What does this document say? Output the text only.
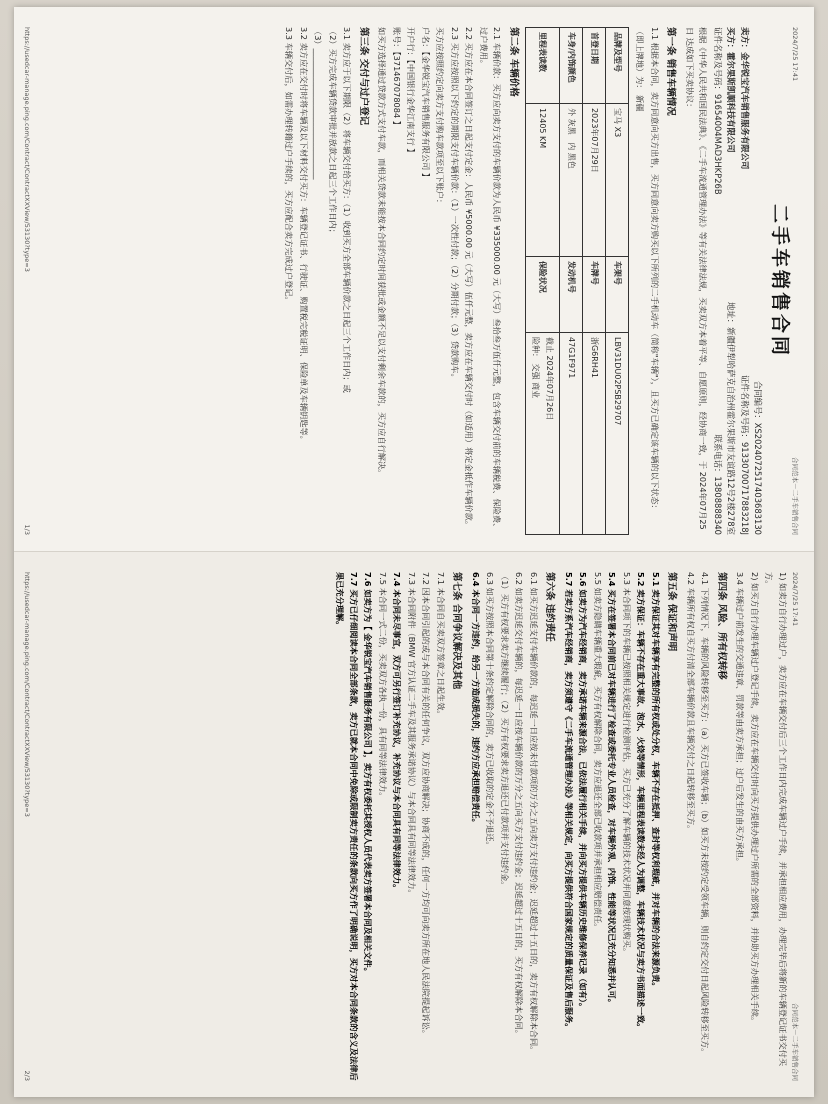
2024/7/25 17:41
合同范本－二手车销售合同
二手车销售合同
合同编号：XS2024072517403683130
卖方：金华锐宝汽车销售服务有限公司
证件名称及号码：91330700717883218J
买方：霍尔果斯凯顺科技有限公司
地址：新疆伊犁哈萨克自治州霍尔果斯市友谊路12号2楼278室
证件名称及号码：91654004MAD3HKP26B
联系电话：13808888340

根据《中华人民共和国民法典》、《二手车流通管理办法》等有关法律法规，买卖双方本着平等、自愿原则，经协商一致，于 2024年07月25日 达成如下买卖协议：

第一条 销售车辆情况

1.1 根据本合同，卖方同意向买方出售，买方同意向卖方购买以下所列的二手机动车（简称"车辆"），且买方已确定该车辆的以下状态：

（即上牌地）为： 新疆

品牌及型号	宝马 X3	车架号	LBV31DU02PSB29707
首登日期	2023年07月29日	车牌号	浙G6RH41
车身/内饰颜色	外 灰黑   内 黑色	发动机号	47G1F971
里程表读数	12405 KM	保险状况	截止 2024年07月26日
险种： 交强 商业
第二条 车辆价格

2.1 车辆价款：买方应向卖方支付的车辆价款为人民币 ¥335000.00 元（大写）叁拾叁万伍仟元整，包含车辆交付前的车辆税费、保险费、过户费用。

2.2 买方应在本合同签订之日起支付定金：人民币 ¥5000.00 元（大写）伍仟元整，卖方应在车辆交付时（如适用）将定金抵作车辆价款。

2.3 买方应按照以下约定的期限支付车辆价款：（1）一次性付款；（2）分期付款；（3）贷款购车。

买方应按照约定向卖方支付购车款项至以下账户：

户名：【金华锐宝汽车销售服务有限公司 】

开户行：【中国银行金华江南支行 】

账号：【371467078084 】

如买方选择通过贷款方式支付车款，而相关贷款未能按本合同约定时间获批或金额不足以支付剩余车款的，买方应自行解决。

第三条 交付与过户登记

3.1 卖方应于以下期限（2）将车辆交付给买方：（1）收到买方全部车辆价款之日起三个工作日内；或

（2）买方完成车辆贷款审批并放款之日起三个工作日内；

（3）________________________________

3.2 卖方应在交付时将车辆及以下材料交付买方：车辆登记证书、行驶证、购置税完税证明、保险单及车辆钥匙等。

3.3 车辆交付后，如需办理转籍过户手续的，买方应配合卖方完成过户登记。

https://usedcar-manage.ping.com/Contract/ContractXXView/53130?type=3
1/3
2024/7/25 17:41
合同范本－二手车销售合同

1) 如卖方自行办理过户，卖方应在车辆交付后三个工作日内完成车辆过户手续，并承担相应费用，办理完毕后将新的车辆登记证书交付买方。

2) 如买方自行办理车辆过户登记手续，卖方应在车辆交付时向买方提供办理过户所需的全部资料，并协助买方办理相关手续。

3.4 车辆过户前发生的交通违章、罚款等由卖方承担；过户后发生的由买方承担。

第四条 风险、所有权转移

4.1 下列情况下，车辆的风险转移至买方：（a）买方已签收车辆；（b）如买方未按约定受领车辆，则自约定交付日起风险转移至买方。

4.2 车辆所有权自买方付清全部车辆价款且车辆交付之日起转移至买方。

第五条 保证和声明

5.1 卖方保证其对车辆享有完整的所有权或处分权，车辆不存在抵押、查封等权利瑕疵，并对车辆的合法来源负责。

5.2 卖方保证：车辆不存在重大事故、泡水、火烧等情形，车辆里程表读数未经人为调整，车辆技术状况与卖方书面描述一致。

5.3 本合同项下的车辆已按照相关规定进行检测评估，买方已充分了解车辆的技术状况并同意按现状购买。

5.4 买方在签署本合同前已对车辆进行了检查或委托专业人员检查，对车辆外观、内饰、性能等状况已充分知悉并认可。

5.5 如卖方隐瞒车辆重大瑕疵，买方有权解除合同，卖方应退还全部已收款项并承担相应赔偿责任。

5.6 如卖方为汽车经销商，卖方承诺车辆来源合法，已依法履行相关手续，并向买方提供车辆历史维修保养记录（如有）。

5.7 若卖方系汽车经销商，卖方须遵守《二手车流通管理办法》等相关规定，向买方提供符合国家规定的质量保证及售后服务。

第六条 违约责任

6.1 如买方迟延支付车辆价款的，每迟延一日应按未付款项的万分之五向卖方支付违约金；迟延超过十五日的，卖方有权解除本合同。

6.2 如卖方迟延交付车辆的，每迟延一日应按车辆价款的万分之五向买方支付违约金；迟延超过十五日的，买方有权解除本合同。

（1）买方有权要求卖方继续履行；（2）买方有权要求卖方退还已付款项并支付违约金。

6.3 如买方按照本合同第十条约定解除合同的，卖方已收取的定金不予退还。

6.4 本合同一方违约，给另一方造成损失的，违约方应承担赔偿责任。

第七条 合同争议解决及其他

7.1 本合同自买卖双方签章之日起生效。

7.2 因本合同引起的或与本合同有关的任何争议，双方应协商解决；协商不成的，任何一方均可向卖方所在地人民法院提起诉讼。

7.3 本合同附件（BMW 官方认证二手车及其服务承诺协议）与本合同具有同等法律效力。

7.4 本合同未尽事宜，双方可另行签订补充协议，补充协议与本合同具有同等法律效力。

7.5 本合同一式二份，买卖双方各执一份，具有同等法律效力。

7.6 如卖方为【 金华锐宝汽车销售服务有限公司 】，卖方有权委托其授权人员代表卖方签署本合同及相关文件。

7.7 买方已仔细阅读本合同全部条款，卖方已就本合同中免除或限制卖方责任的条款向买方作了明确说明，买方对本合同条款的含义及法律后果已充分理解。

https://usedcar-manage.ping.com/Contract/ContractXXView/53130?type=3
2/3
